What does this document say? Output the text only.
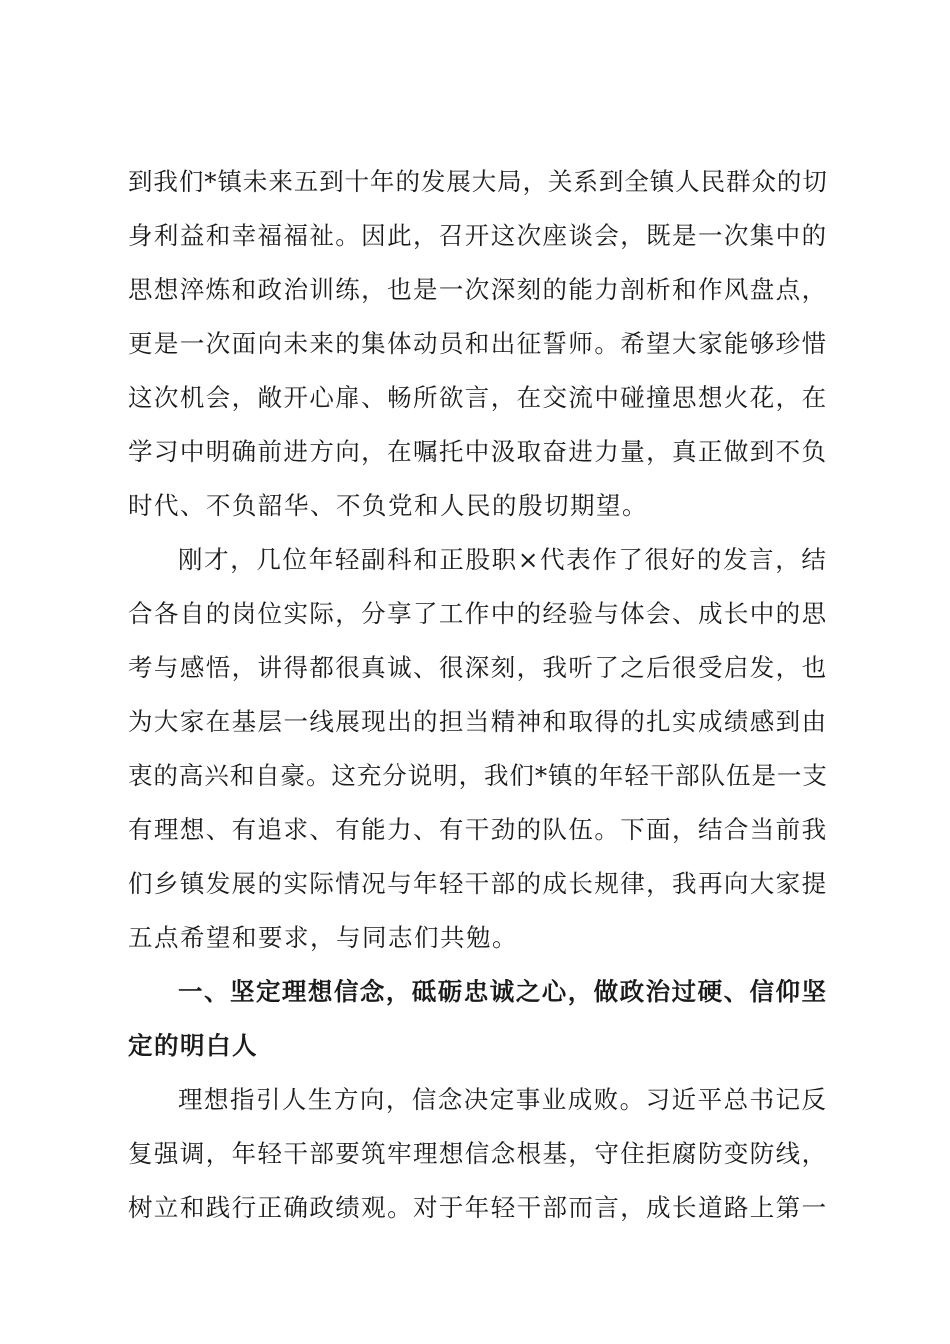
到我们*镇未来五到十年的发展大局，关系到全镇人民群众的切
身利益和幸福福祉。因此，召开这次座谈会，既是一次集中的
思想淬炼和政治训练，也是一次深刻的能力剖析和作风盘点，
更是一次面向未来的集体动员和出征誓师。希望大家能够珍惜
这次机会，敞开心扉、畅所欲言，在交流中碰撞思想火花，在
学习中明确前进方向，在嘱托中汲取奋进力量，真正做到不负
时代、不负韶华、不负党和人民的殷切期望。
刚才，几位年轻副科和正股职×代表作了很好的发言，结
合各自的岗位实际，分享了工作中的经验与体会、成长中的思
考与感悟，讲得都很真诚、很深刻，我听了之后很受启发，也
为大家在基层一线展现出的担当精神和取得的扎实成绩感到由
衷的高兴和自豪。这充分说明，我们*镇的年轻干部队伍是一支
有理想、有追求、有能力、有干劲的队伍。下面，结合当前我
们乡镇发展的实际情况与年轻干部的成长规律，我再向大家提
五点希望和要求，与同志们共勉。
一、坚定理想信念，砥砺忠诚之心，做政治过硬、信仰坚
定的明白人
理想指引人生方向，信念决定事业成败。习近平总书记反
复强调，年轻干部要筑牢理想信念根基，守住拒腐防变防线，
树立和践行正确政绩观。对于年轻干部而言，成长道路上第一
